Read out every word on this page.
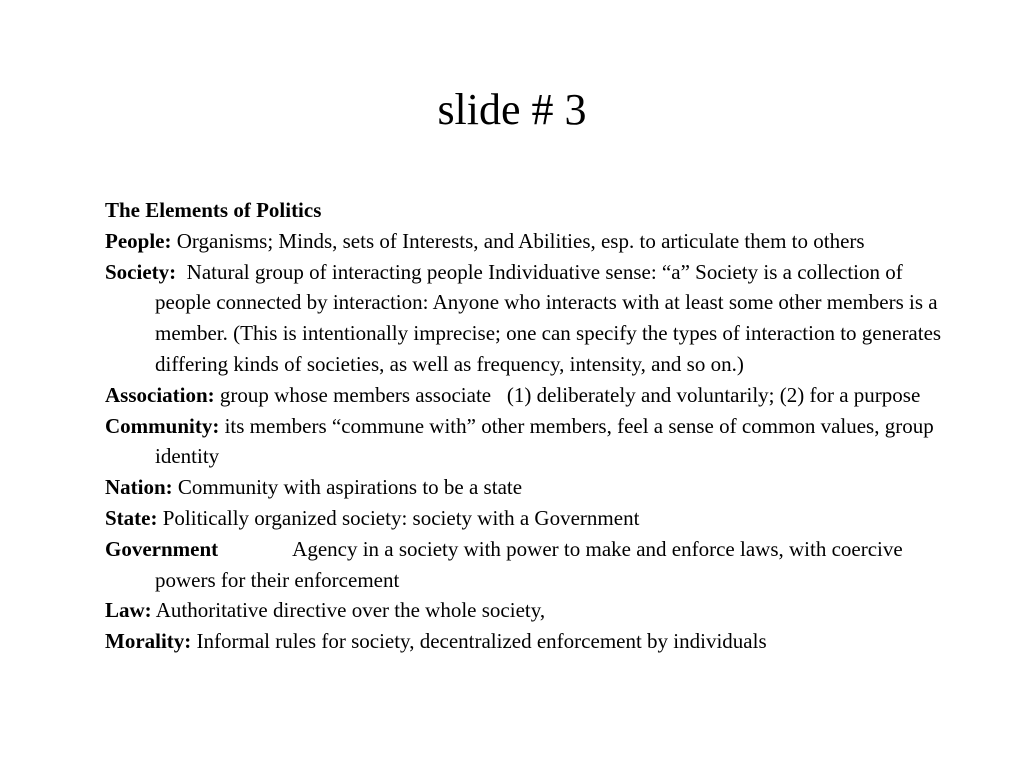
slide # 3

The Elements of Politics

People: Organisms; Minds, sets of Interests, and Abilities, esp. to articulate them to others

Society:  Natural group of interacting people Individuative sense: “a” Society is a collection of people connected by interaction: Anyone who interacts with at least some other members is a member. (This is intentionally imprecise; one can specify the types of interaction to generates differing kinds of societies, as well as frequency, intensity, and so on.)

Association: group whose members associate   (1) deliberately and voluntarily; (2) for a purpose

Community: its members “commune with” other members, feel a sense of common values, group identity

Nation: Community with aspirations to be a state

State: Politically organized society: society with a Government

Government	Agency in a society with power to make and enforce laws, with coercive powers for their enforcement

Law: Authoritative directive over the whole society,

Morality: Informal rules for society, decentralized enforcement by individuals
